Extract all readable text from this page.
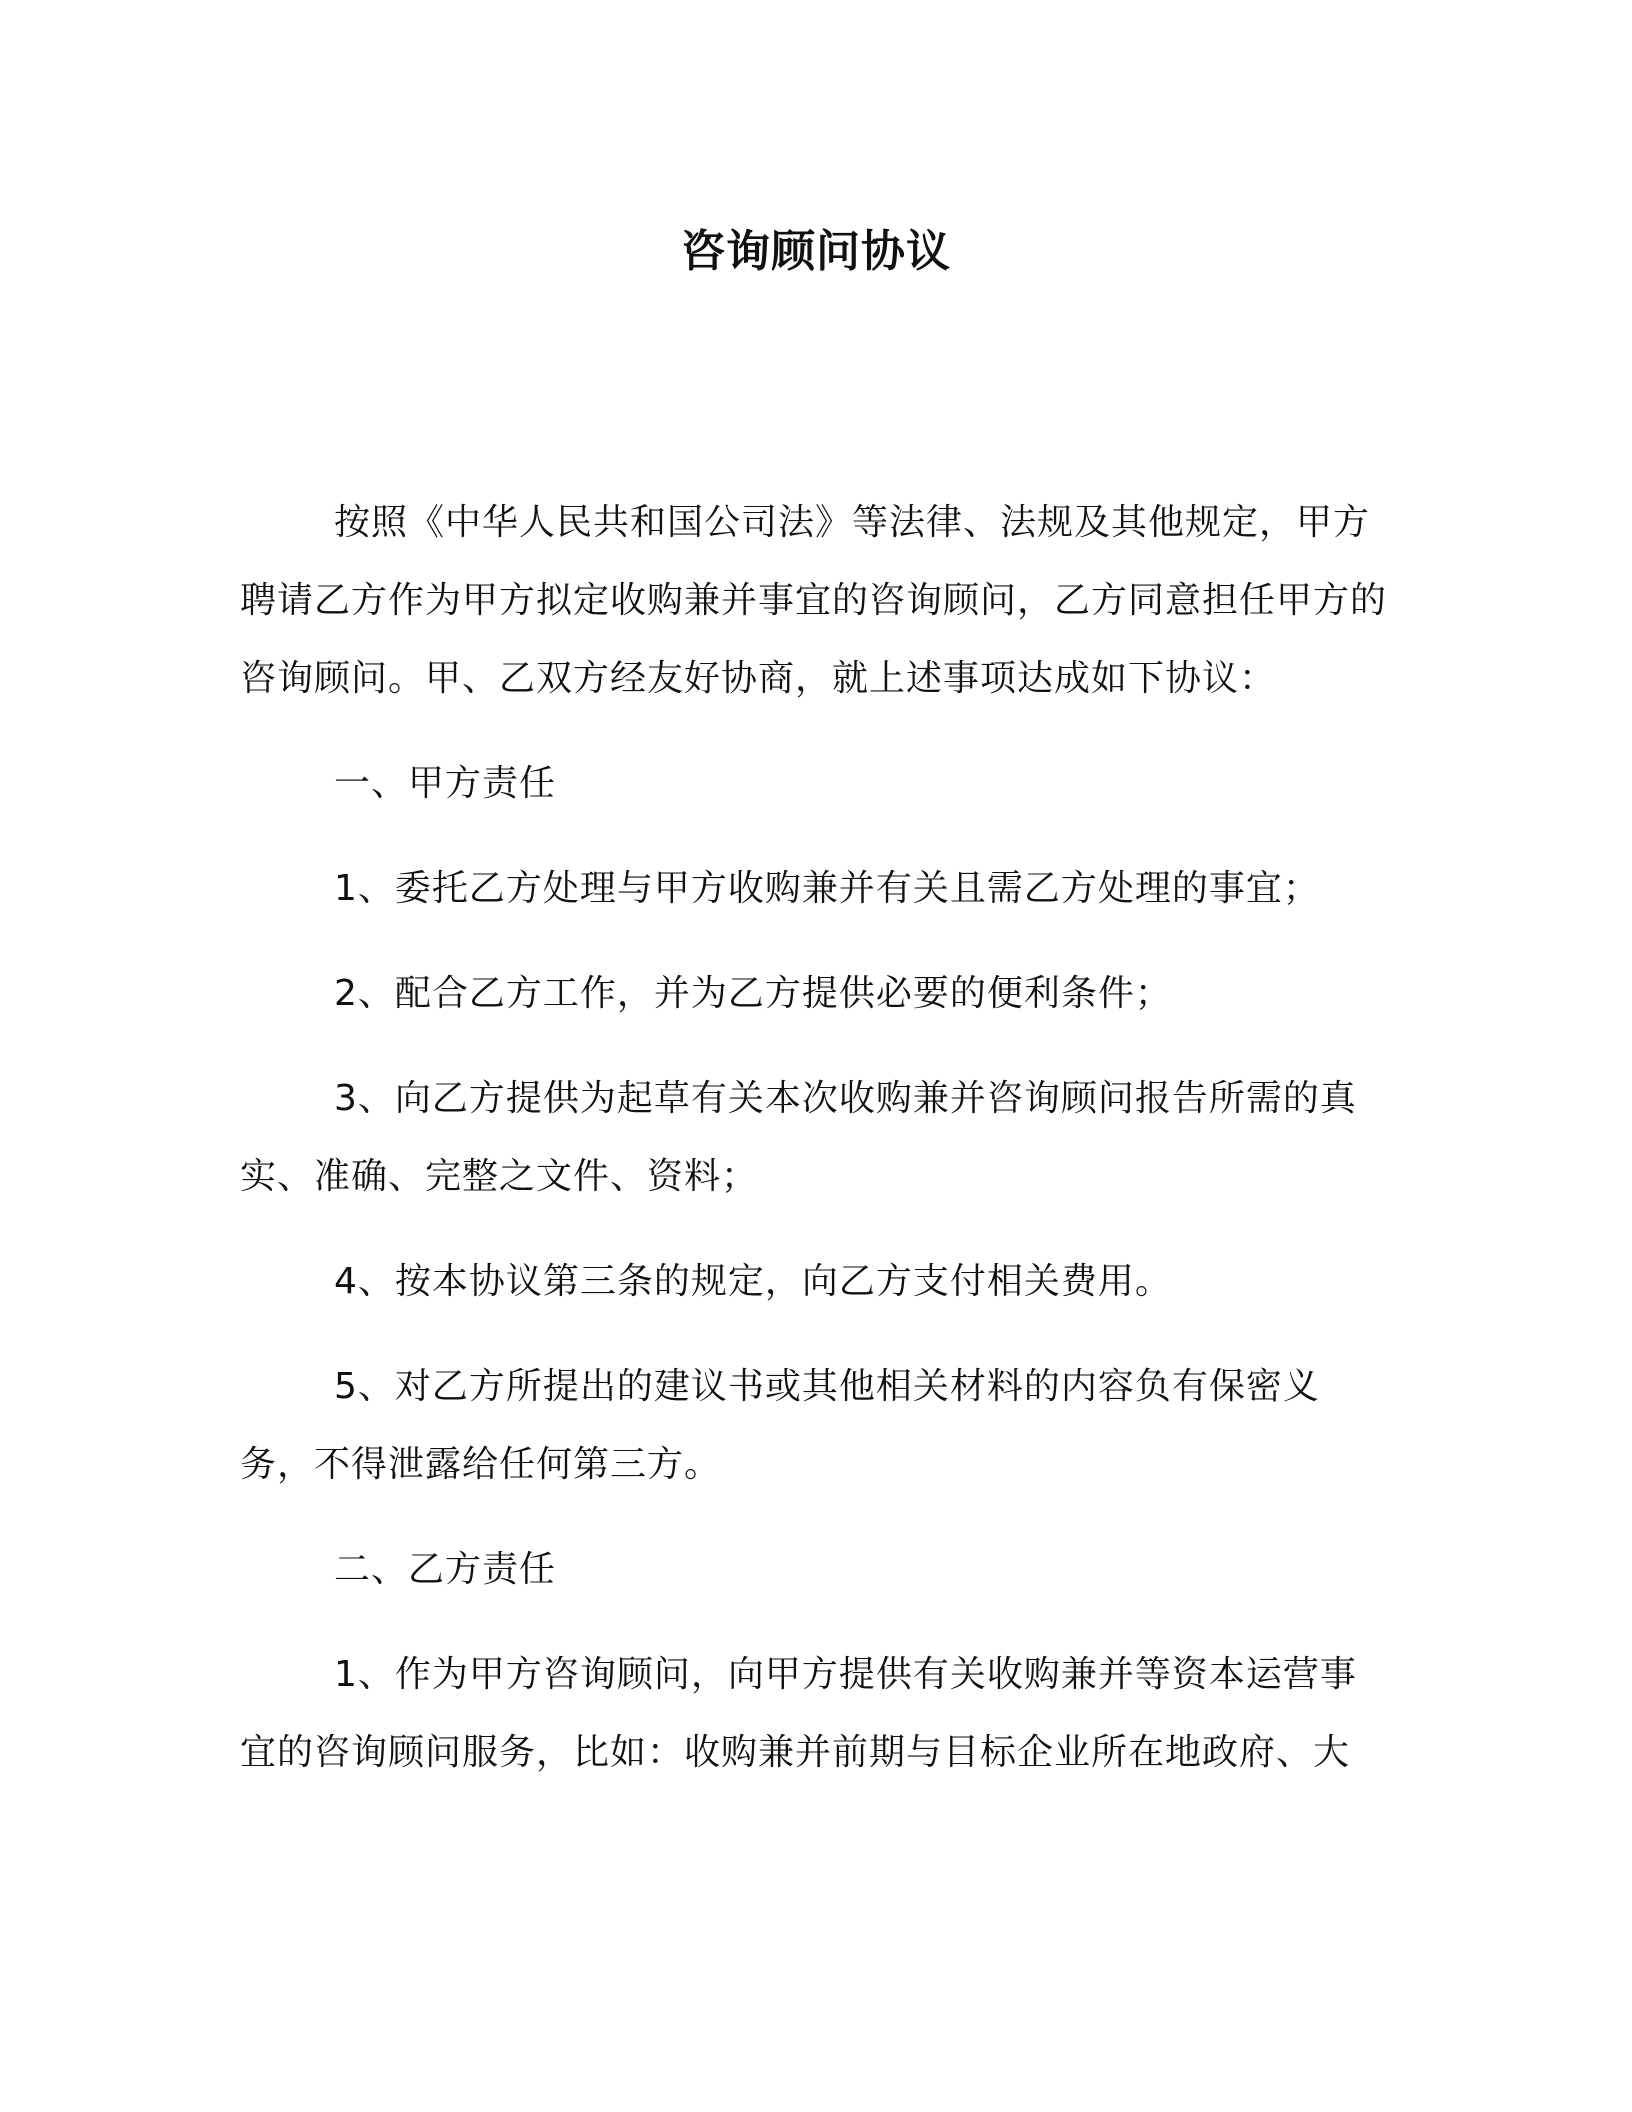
咨询顾问协议

按照《中华人民共和国公司法》等法律、法规及其他规定，甲方聘请乙方作为甲方拟定收购兼并事宜的咨询顾问，乙方同意担任甲方的咨询顾问。甲、乙双方经友好协商，就上述事项达成如下协议：

一、甲方责任

1、委托乙方处理与甲方收购兼并有关且需乙方处理的事宜；

2、配合乙方工作，并为乙方提供必要的便利条件；

3、向乙方提供为起草有关本次收购兼并咨询顾问报告所需的真实、准确、完整之文件、资料；

4、按本协议第三条的规定，向乙方支付相关费用。

5、对乙方所提出的建议书或其他相关材料的内容负有保密义务，不得泄露给任何第三方。

二、乙方责任

1、作为甲方咨询顾问，向甲方提供有关收购兼并等资本运营事宜的咨询顾问服务，比如：收购兼并前期与目标企业所在地政府、大
